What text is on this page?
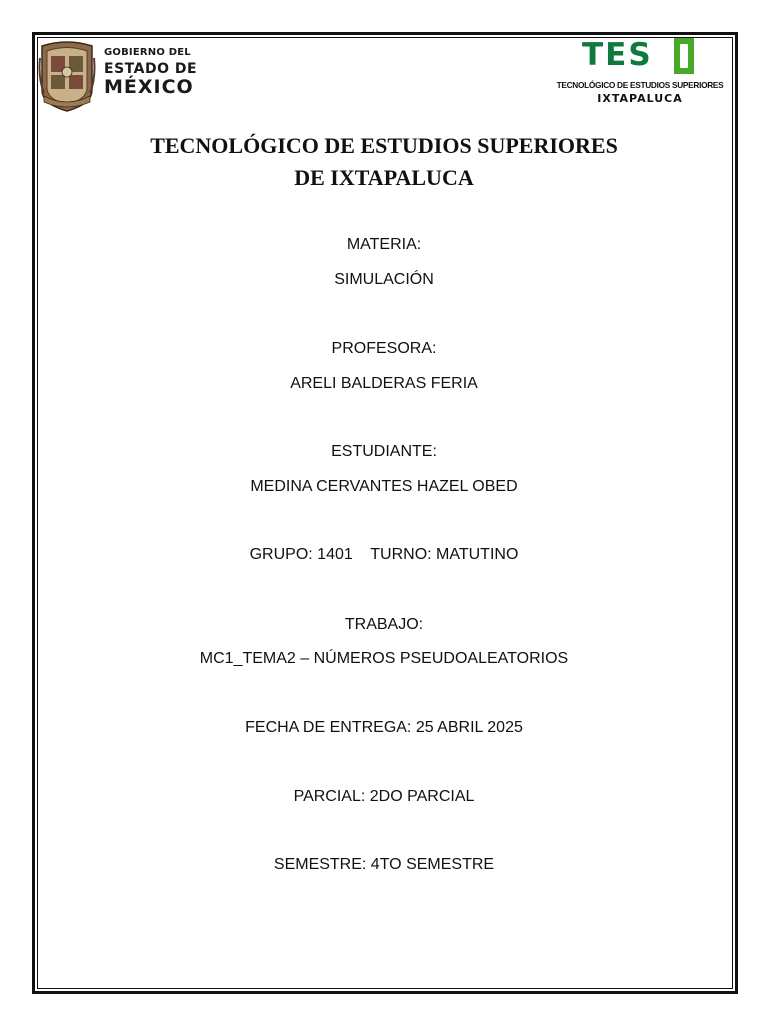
GOBIERNO DEL
ESTADO DE
MÉXICO
TES
TECNOLÓGICO DE ESTUDIOS SUPERIORES
IXTAPALUCA
TECNOLÓGICO DE ESTUDIOS SUPERIORES
DE IXTAPALUCA
MATERIA:
SIMULACIÓN
PROFESORA:
ARELI BALDERAS FERIA
ESTUDIANTE:
MEDINA CERVANTES HAZEL OBED
GRUPO: 1401    TURNO: MATUTINO
TRABAJO:
MC1_TEMA2 – NÚMEROS PSEUDOALEATORIOS
FECHA DE ENTREGA: 25 ABRIL 2025
PARCIAL: 2DO PARCIAL
SEMESTRE: 4TO SEMESTRE
